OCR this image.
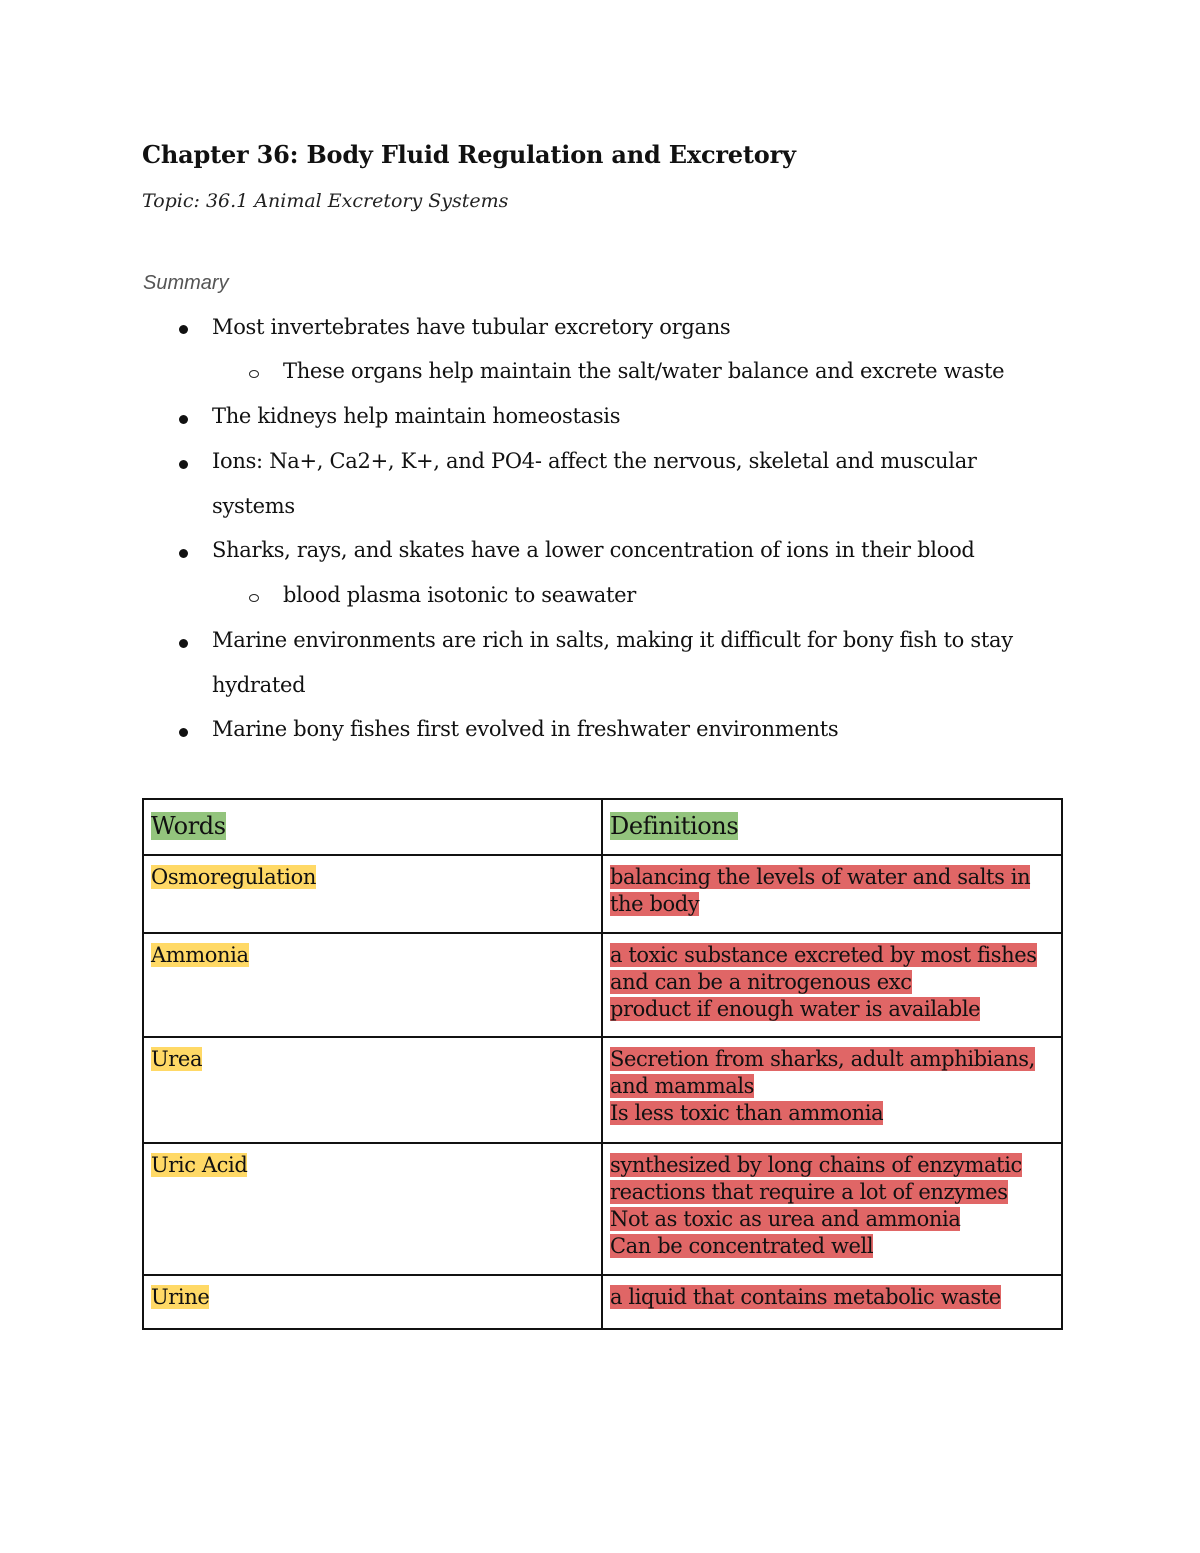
Chapter 36: Body Fluid Regulation and Excretory
Topic: 36.1 Animal Excretory Systems
Summary
Most invertebrates have tubular excretory organs
These organs help maintain the salt/water balance and excrete waste
The kidneys help maintain homeostasis
Ions: Na+, Ca2+, K+, and PO4- affect the nervous, skeletal and muscular
systems
Sharks, rays, and skates have a lower concentration of ions in their blood
blood plasma isotonic to seawater
Marine environments are rich in salts, making it difficult for bony fish to stay
hydrated
Marine bony fishes first evolved in freshwater environments
Words	Definitions
Osmoregulation	balancing the levels of water and salts in
the body

Ammonia	a toxic substance excreted by most fishes
and can be a nitrogenous exc
product if enough water is available

Urea	Secretion from sharks, adult amphibians,
and mammals
Is less toxic than ammonia

Uric Acid	synthesized by long chains of enzymatic
reactions that require a lot of enzymes
Not as toxic as urea and ammonia
Can be concentrated well

Urine	a liquid that contains metabolic waste
